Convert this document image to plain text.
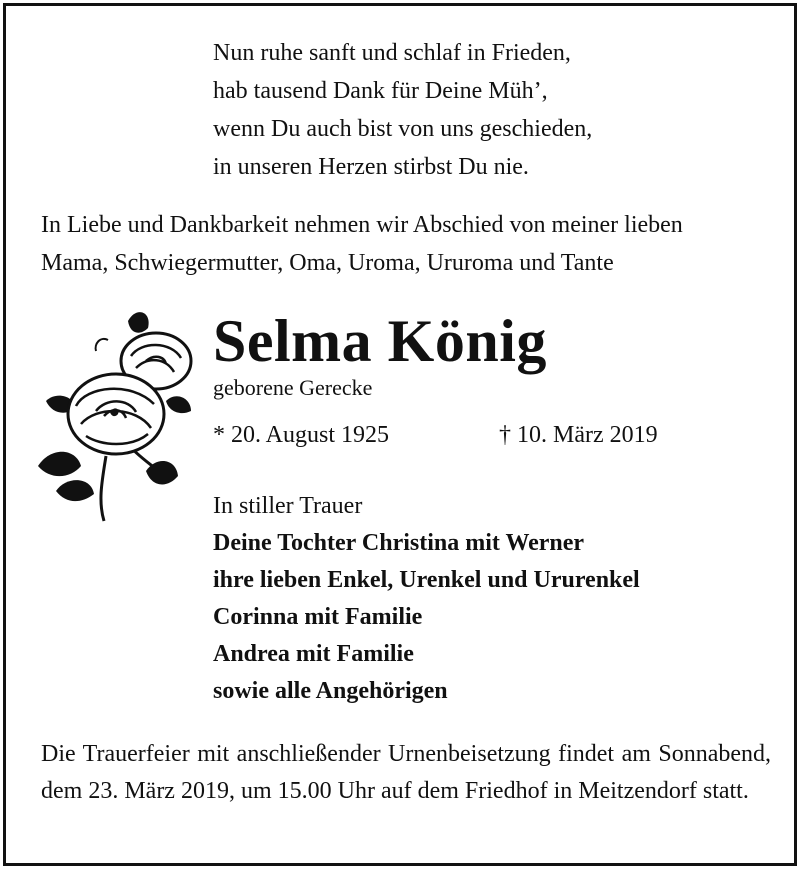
Nun ruhe sanft und schlaf in Frieden,
hab tausend Dank für Deine Müh’,
wenn Du auch bist von uns geschieden,
in unseren Herzen stirbst Du nie.
In Liebe und Dankbarkeit nehmen wir Abschied von meiner lieben
Mama, Schwiegermutter, Oma, Uroma, Ururoma und Tante
Selma König
geborene Gerecke
* 20. August 1925	† 10. März 2019
In stiller Trauer
Deine Tochter Christina mit Werner
ihre lieben Enkel, Urenkel und Ururenkel
Corinna mit Familie
Andrea mit Familie
sowie alle Angehörigen
Die Trauerfeier mit anschließender Urnenbeisetzung findet am Sonnabend, dem 23. März 2019, um 15.00 Uhr auf dem Friedhof in Meitzendorf statt.
